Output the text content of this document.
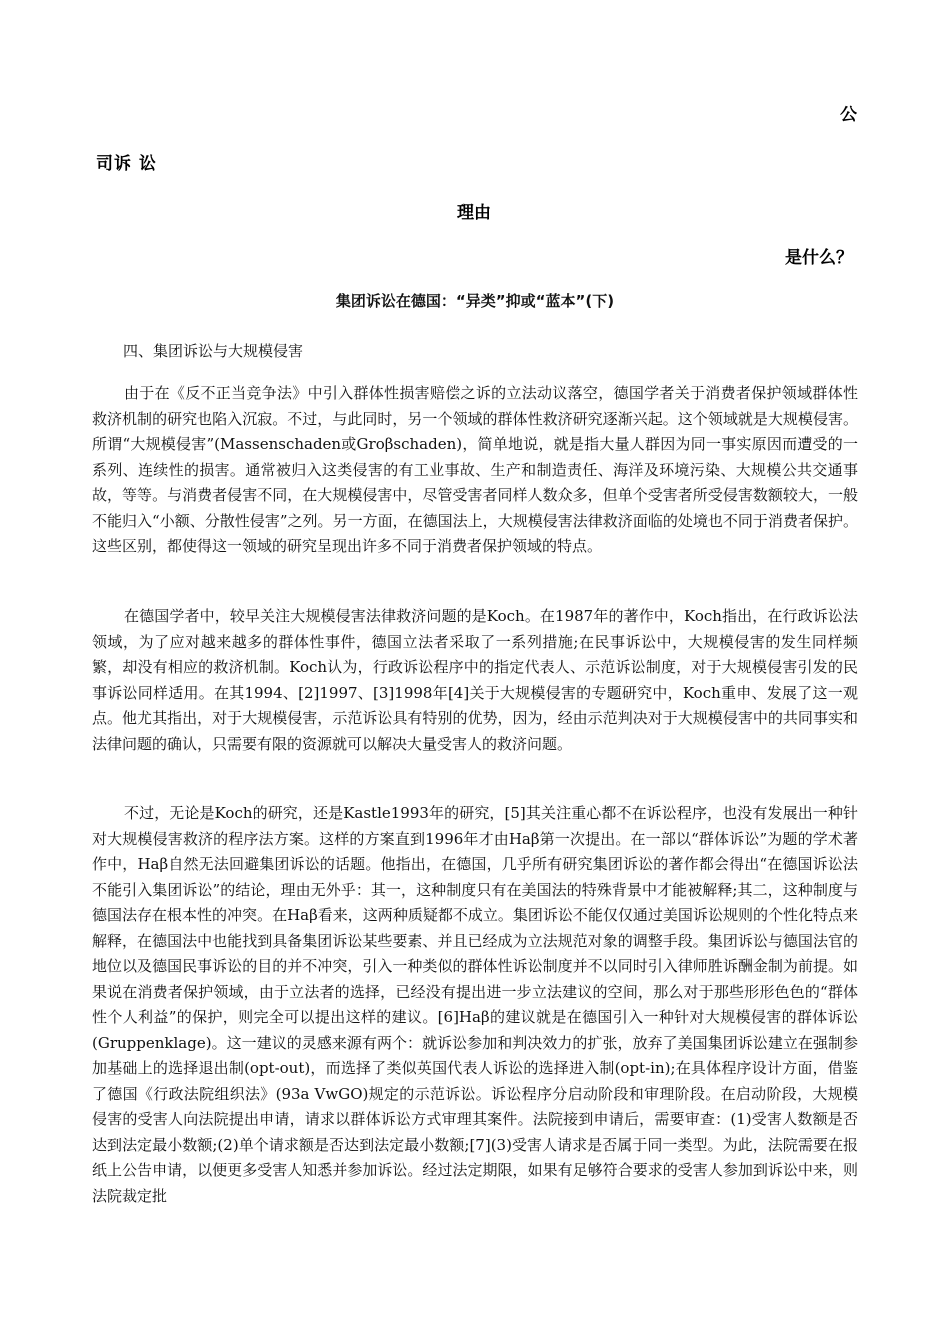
公
司诉 讼
理由
是什么？
集团诉讼在德国：“异类”抑或“蓝本”(下)

四、集团诉讼与大规模侵害

由于在《反不正当竞争法》中引入群体性损害赔偿之诉的立法动议落空，德国学者关于消费者保护领域群体性救济机制的研究也陷入沉寂。不过，与此同时，另一个领域的群体性救济研究逐渐兴起。这个领域就是大规模侵害。所谓“大规模侵害”(Massenschaden或Groβschaden)，简单地说，就是指大量人群因为同一事实原因而遭受的一系列、连续性的损害。通常被归入这类侵害的有工业事故、生产和制造责任、海洋及环境污染、大规模公共交通事故，等等。与消费者侵害不同，在大规模侵害中，尽管受害者同样人数众多，但单个受害者所受侵害数额较大，一般不能归入“小额、分散性侵害”之列。另一方面，在德国法上，大规模侵害法律救济面临的处境也不同于消费者保护。这些区别，都使得这一领域的研究呈现出许多不同于消费者保护领域的特点。

在德国学者中，较早关注大规模侵害法律救济问题的是Koch。在1987年的著作中，Koch指出，在行政诉讼法领域，为了应对越来越多的群体性事件，德国立法者采取了一系列措施;在民事诉讼中，大规模侵害的发生同样频繁，却没有相应的救济机制。Koch认为，行政诉讼程序中的指定代表人、示范诉讼制度，对于大规模侵害引发的民事诉讼同样适用。在其1994、[2]1997、[3]1998年[4]关于大规模侵害的专题研究中，Koch重申、发展了这一观点。他尤其指出，对于大规模侵害，示范诉讼具有特别的优势，因为，经由示范判决对于大规模侵害中的共同事实和法律问题的确认，只需要有限的资源就可以解决大量受害人的救济问题。

不过，无论是Koch的研究，还是Kastle1993年的研究，[5]其关注重心都不在诉讼程序，也没有发展出一种针对大规模侵害救济的程序法方案。这样的方案直到1996年才由Haβ第一次提出。在一部以“群体诉讼”为题的学术著作中，Haβ自然无法回避集团诉讼的话题。他指出，在德国，几乎所有研究集团诉讼的著作都会得出“在德国诉讼法不能引入集团诉讼”的结论，理由无外乎：其一，这种制度只有在美国法的特殊背景中才能被解释;其二，这种制度与德国法存在根本性的冲突。在Haβ看来，这两种质疑都不成立。集团诉讼不能仅仅通过美国诉讼规则的个性化特点来解释，在德国法中也能找到具备集团诉讼某些要素、并且已经成为立法规范对象的调整手段。集团诉讼与德国法官的地位以及德国民事诉讼的目的并不冲突，引入一种类似的群体性诉讼制度并不以同时引入律师胜诉酬金制为前提。如果说在消费者保护领域，由于立法者的选择，已经没有提出进一步立法建议的空间，那么对于那些形形色色的“群体性个人利益”的保护，则完全可以提出这样的建议。[6]Haβ的建议就是在德国引入一种针对大规模侵害的群体诉讼(Gruppenklage)。这一建议的灵感来源有两个：就诉讼参加和判决效力的扩张，放弃了美国集团诉讼建立在强制参加基础上的选择退出制(opt-out)，而选择了类似英国代表人诉讼的选择进入制(opt-in);在具体程序设计方面，借鉴了德国《行政法院组织法》(93a VwGO)规定的示范诉讼。诉讼程序分启动阶段和审理阶段。在启动阶段，大规模侵害的受害人向法院提出申请，请求以群体诉讼方式审理其案件。法院接到申请后，需要审查：(1)受害人数额是否达到法定最小数额;(2)单个请求额是否达到法定最小数额;[7](3)受害人请求是否属于同一类型。为此，法院需要在报纸上公告申请，以便更多受害人知悉并参加诉讼。经过法定期限，如果有足够符合要求的受害人参加到诉讼中来，则法院裁定批
